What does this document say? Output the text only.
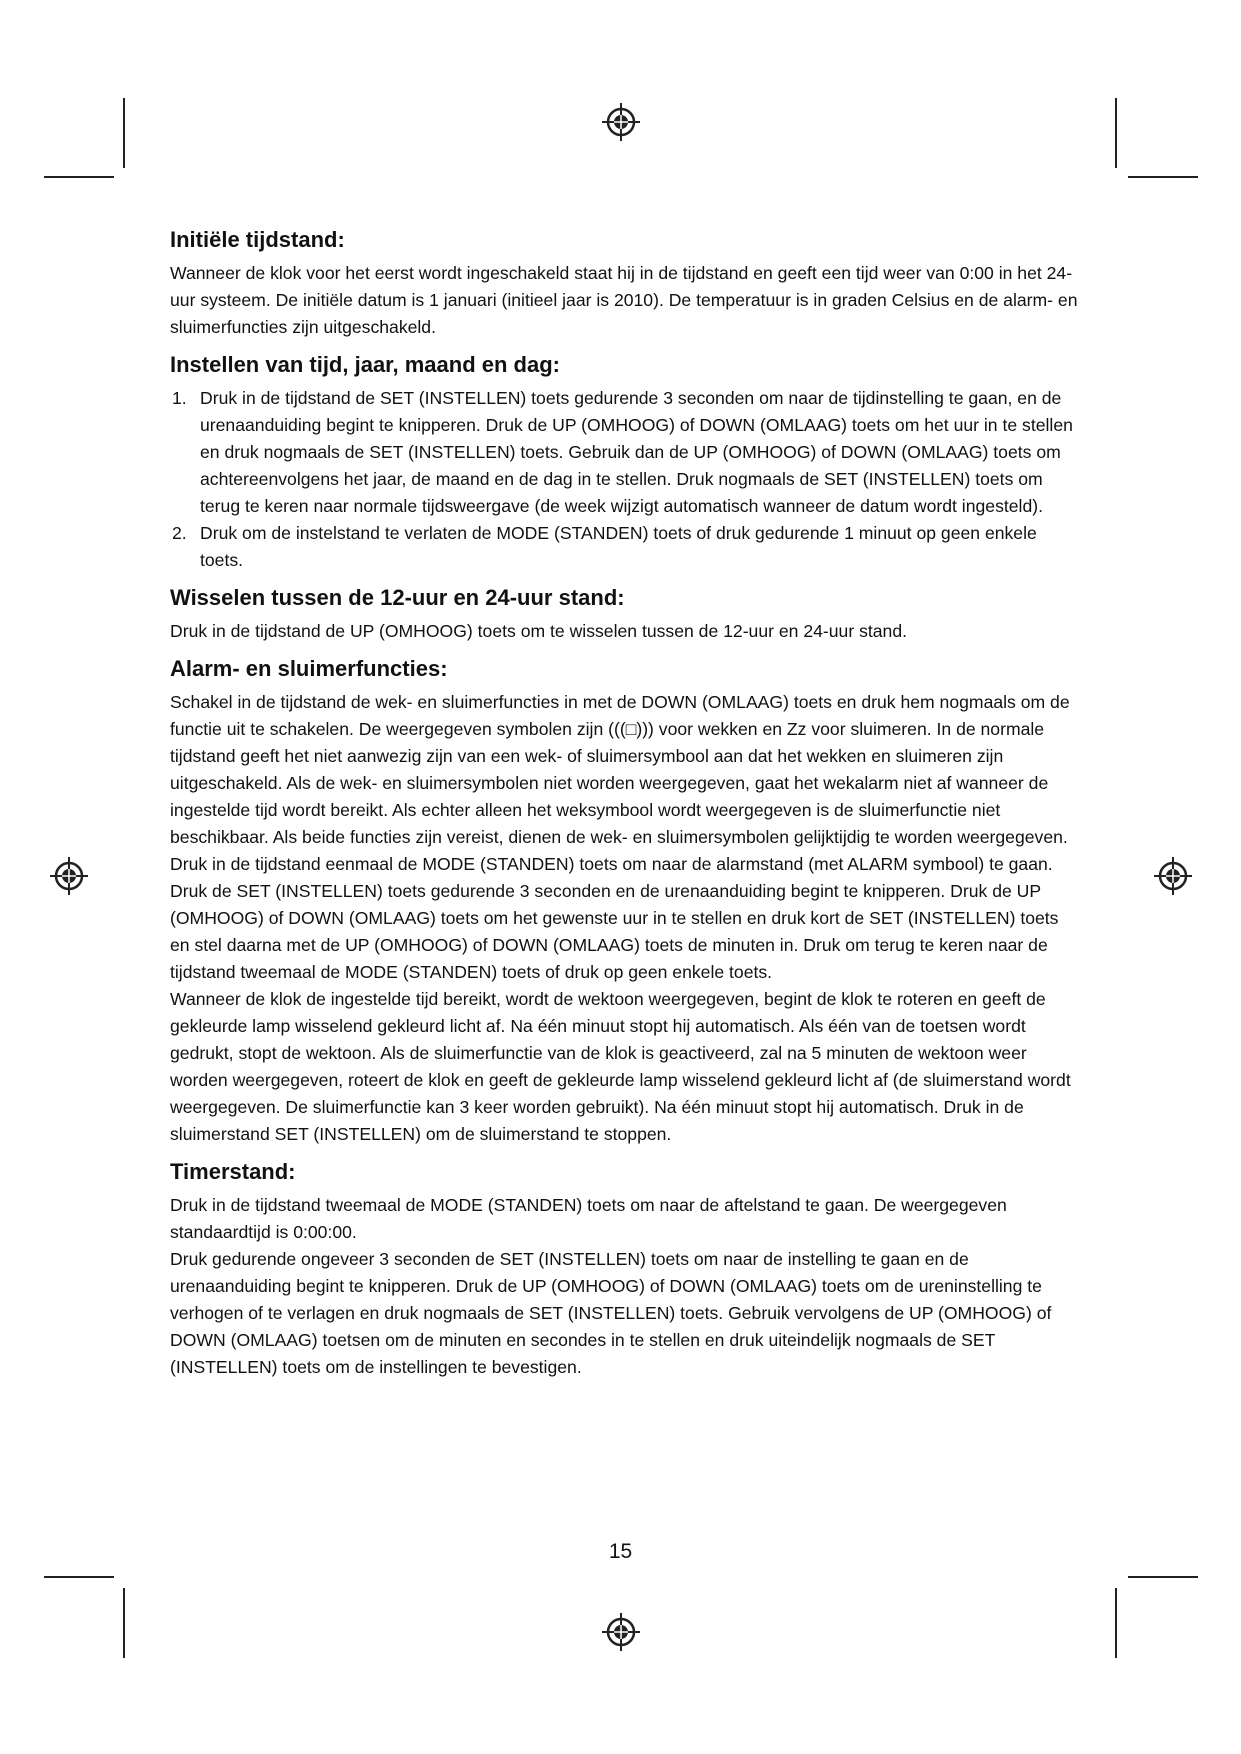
Initiële tijdstand:

Wanneer de klok voor het eerst wordt ingeschakeld staat hij in de tijdstand en geeft een tijd weer van 0:00 in het 24-uur systeem. De initiële datum is 1 januari (initieel jaar is 2010). De temperatuur is in graden Celsius en de alarm- en sluimerfuncties zijn uitgeschakeld.

Instellen van tijd, jaar, maand en dag:
1. Druk in de tijdstand de SET (INSTELLEN) toets gedurende 3 seconden om naar de tijdinstelling te gaan, en de urenaanduiding begint te knipperen. Druk de UP (OMHOOG) of DOWN (OMLAAG) toets om het uur in te stellen en druk nogmaals de SET (INSTELLEN) toets. Gebruik dan de UP (OMHOOG) of DOWN (OMLAAG) toets om achtereenvolgens het jaar, de maand en de dag in te stellen. Druk nogmaals de SET (INSTELLEN) toets om terug te keren naar normale tijdsweergave (de week wijzigt automatisch wanneer de datum wordt ingesteld).
2. Druk om de instelstand te verlaten de MODE (STANDEN) toets of druk gedurende 1 minuut op geen enkele toets.
Wisselen tussen de 12-uur en 24-uur stand:

Druk in de tijdstand de UP (OMHOOG) toets om te wisselen tussen de 12-uur en 24-uur stand.

Alarm- en sluimerfuncties:

Schakel in de tijdstand de wek- en sluimerfuncties in met de DOWN (OMLAAG) toets en druk hem nogmaals om de functie uit te schakelen. De weergegeven symbolen zijn (((□))) voor wekken en Zz voor sluimeren. In de normale tijdstand geeft het niet aanwezig zijn van een wek- of sluimersymbool aan dat het wekken en sluimeren zijn uitgeschakeld. Als de wek- en sluimersymbolen niet worden weergegeven, gaat het wekalarm niet af wanneer de ingestelde tijd wordt bereikt. Als echter alleen het weksymbool wordt weergegeven is de sluimerfunctie niet beschikbaar. Als beide functies zijn vereist, dienen de wek- en sluimersymbolen gelijktijdig te worden weergegeven.

Druk in de tijdstand eenmaal de MODE (STANDEN) toets om naar de alarmstand (met ALARM symbool) te gaan.

Druk de SET (INSTELLEN) toets gedurende 3 seconden en de urenaanduiding begint te knipperen. Druk de UP (OMHOOG) of DOWN (OMLAAG) toets om het gewenste uur in te stellen en druk kort de SET (INSTELLEN) toets en stel daarna met de UP (OMHOOG) of DOWN (OMLAAG) toets de minuten in. Druk om terug te keren naar de tijdstand tweemaal de MODE (STANDEN) toets of druk op geen enkele toets.

Wanneer de klok de ingestelde tijd bereikt, wordt de wektoon weergegeven, begint de klok te roteren en geeft de gekleurde lamp wisselend gekleurd licht af. Na één minuut stopt hij automatisch. Als één van de toetsen wordt gedrukt, stopt de wektoon. Als de sluimerfunctie van de klok is geactiveerd, zal na 5 minuten de wektoon weer worden weergegeven, roteert de klok en geeft de gekleurde lamp wisselend gekleurd licht af (de sluimerstand wordt weergegeven. De sluimerfunctie kan 3 keer worden gebruikt). Na één minuut stopt hij automatisch. Druk in de sluimerstand SET (INSTELLEN) om de sluimerstand te stoppen.

Timerstand:

Druk in de tijdstand tweemaal de MODE (STANDEN) toets om naar de aftelstand te gaan. De weergegeven standaardtijd is 0:00:00.

Druk gedurende ongeveer 3 seconden de SET (INSTELLEN) toets om naar de instelling te gaan en de urenaanduiding begint te knipperen. Druk de UP (OMHOOG) of DOWN (OMLAAG) toets om de ureninstelling te verhogen of te verlagen en druk nogmaals de SET (INSTELLEN) toets. Gebruik vervolgens de UP (OMHOOG) of DOWN (OMLAAG) toetsen om de minuten en secondes in te stellen en druk uiteindelijk nogmaals de SET (INSTELLEN) toets om de instellingen te bevestigen.

15
